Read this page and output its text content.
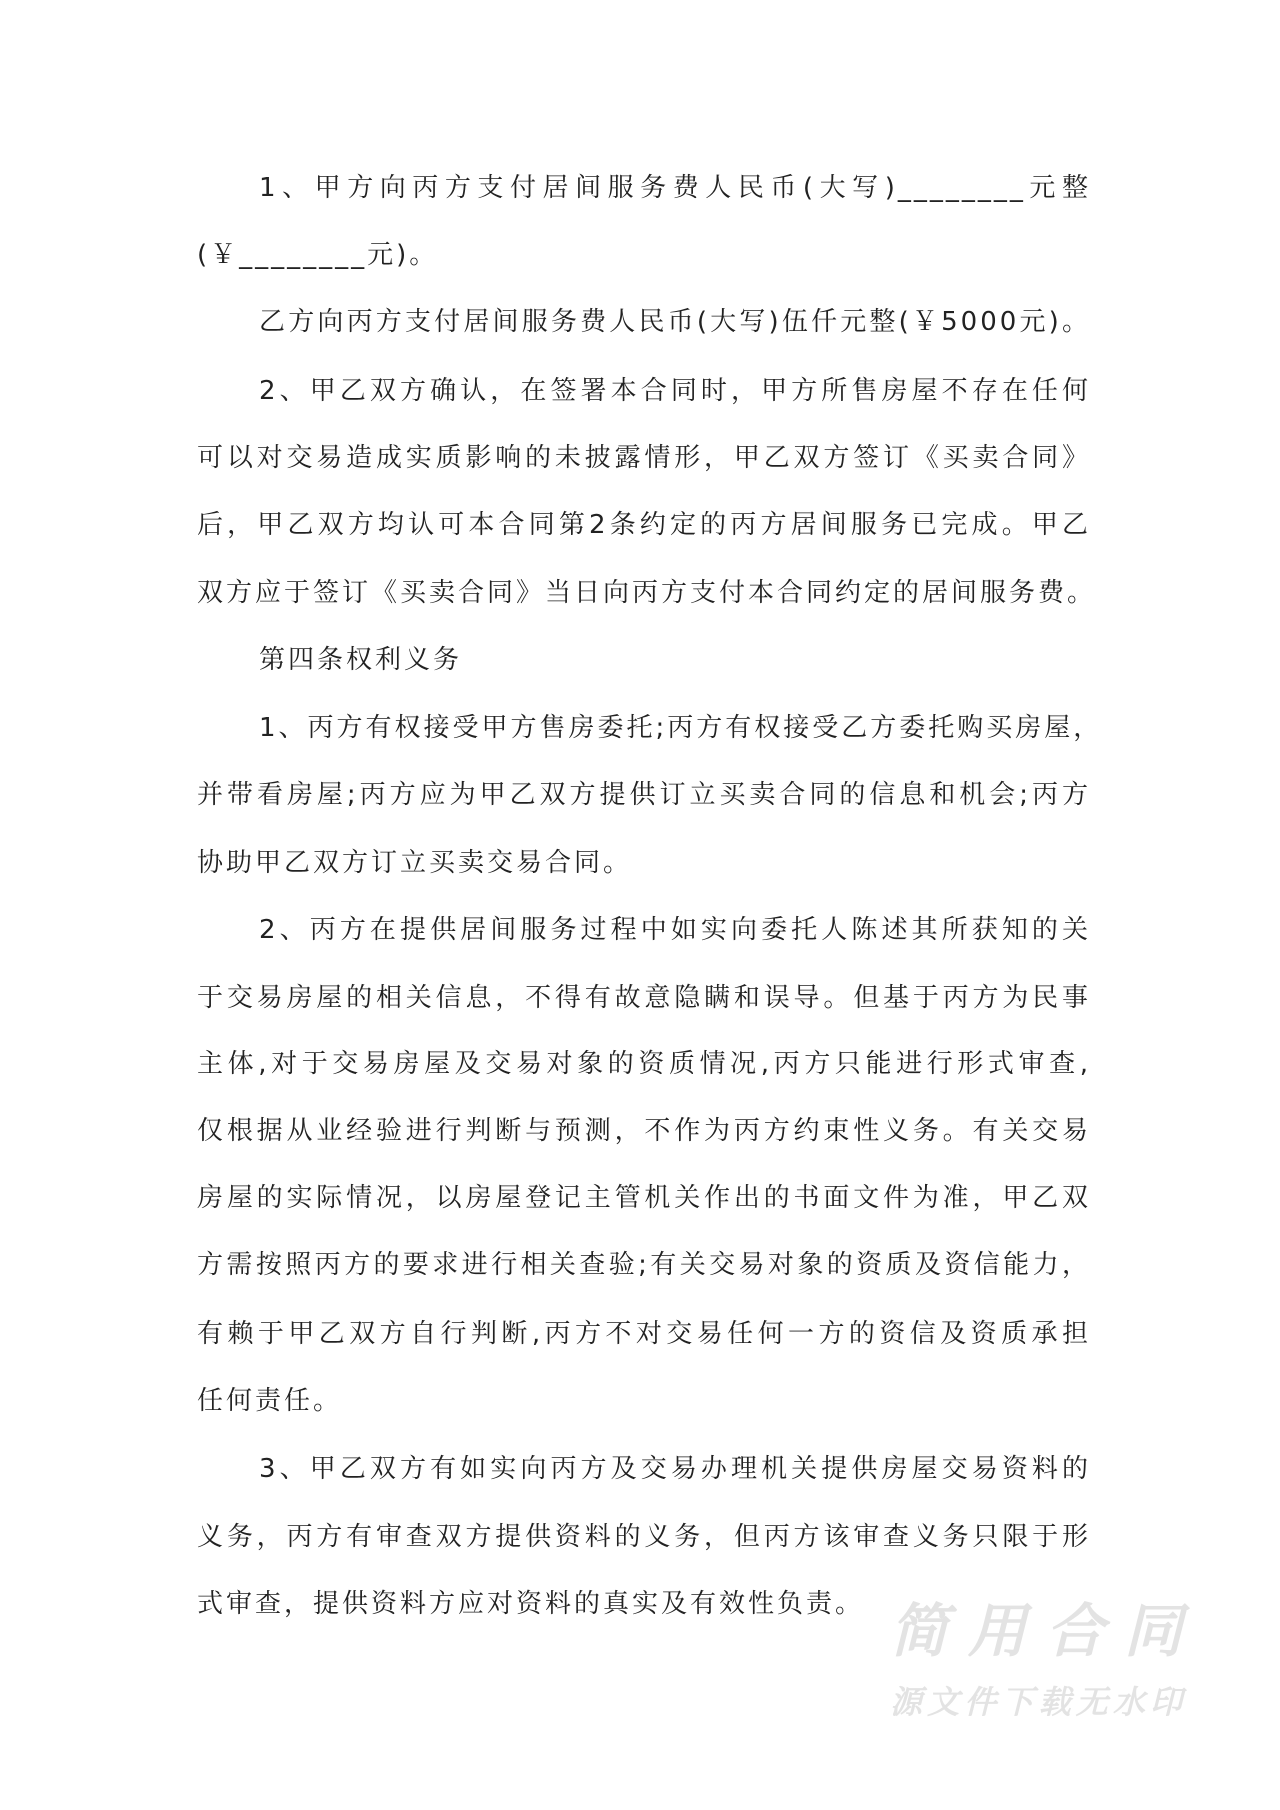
1、甲方向丙方支付居间服务费人民币(大写)________元整
(￥________元)。
乙方向丙方支付居间服务费人民币(大写)伍仟元整(￥5000元)。
2、甲乙双方确认，在签署本合同时，甲方所售房屋不存在任何
可以对交易造成实质影响的未披露情形，甲乙双方签订《买卖合同》
后，甲乙双方均认可本合同第2条约定的丙方居间服务已完成。甲乙
双方应于签订《买卖合同》当日向丙方支付本合同约定的居间服务费。
第四条权利义务
1、丙方有权接受甲方售房委托;丙方有权接受乙方委托购买房屋，
并带看房屋;丙方应为甲乙双方提供订立买卖合同的信息和机会;丙方
协助甲乙双方订立买卖交易合同。
2、丙方在提供居间服务过程中如实向委托人陈述其所获知的关
于交易房屋的相关信息，不得有故意隐瞒和误导。但基于丙方为民事
主体,对于交易房屋及交易对象的资质情况,丙方只能进行形式审查,
仅根据从业经验进行判断与预测，不作为丙方约束性义务。有关交易
房屋的实际情况，以房屋登记主管机关作出的书面文件为准，甲乙双
方需按照丙方的要求进行相关查验;有关交易对象的资质及资信能力，
有赖于甲乙双方自行判断,丙方不对交易任何一方的资信及资质承担
任何责任。
3、甲乙双方有如实向丙方及交易办理机关提供房屋交易资料的
义务，丙方有审查双方提供资料的义务，但丙方该审查义务只限于形
式审查，提供资料方应对资料的真实及有效性负责。 简用合同
源文件下载无水印
